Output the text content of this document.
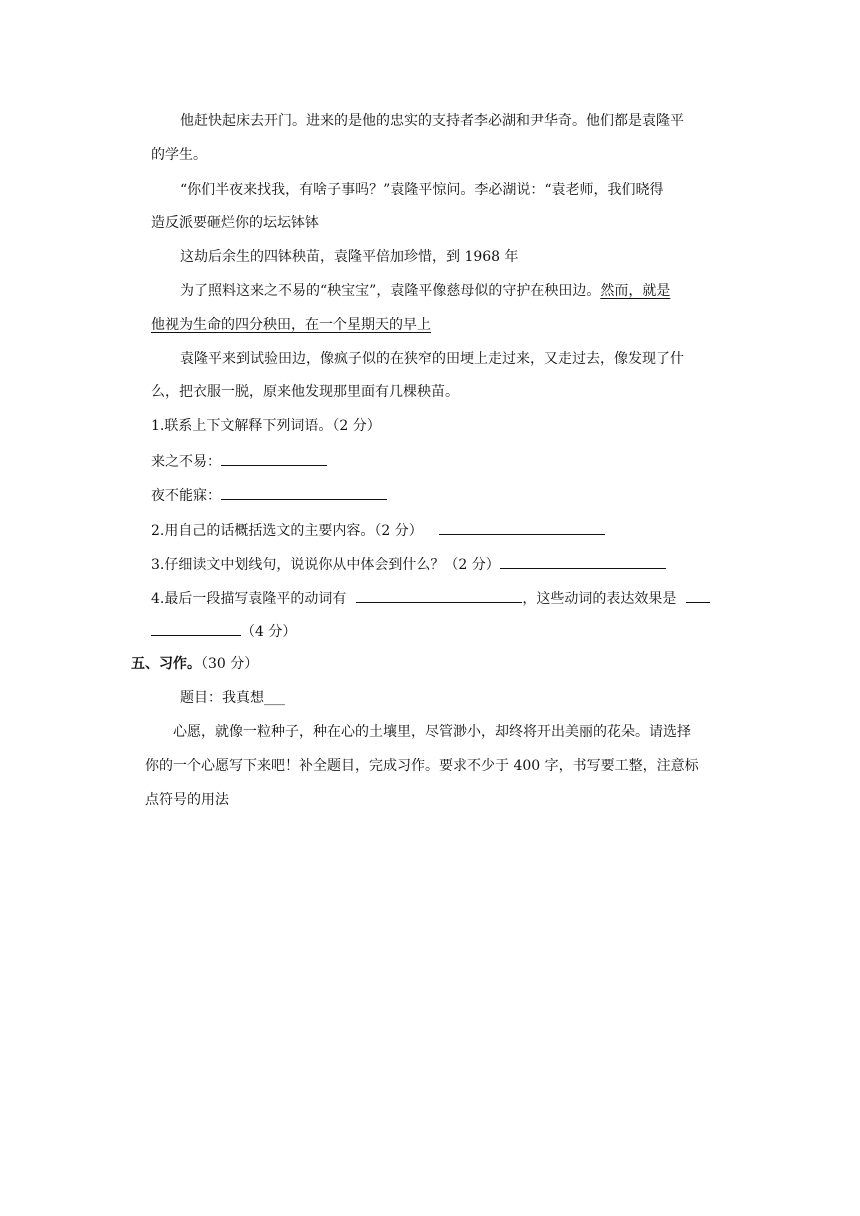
他赶快起床去开门。进来的是他的忠实的支持者李必湖和尹华奇。他们都是袁隆平
的学生。
“你们半夜来找我，有啥子事吗？”袁隆平惊问。李必湖说：“袁老师，我们晓得
造反派要砸烂你的坛坛钵钵
这劫后余生的四钵秧苗，袁隆平倍加珍惜，到 1968 年
为了照料这来之不易的“秧宝宝”，袁隆平像慈母似的守护在秧田边。然而，就是
他视为生命的四分秧田，在一个星期天的早上
袁隆平来到试验田边，像疯子似的在狭窄的田埂上走过来，又走过去，像发现了什
么，把衣服一脱，原来他发现那里面有几棵秧苗。
1.联系上下文解释下列词语。（2 分）
来之不易：
夜不能寐：
2.用自己的话概括选文的主要内容。（2 分）
3.仔细读文中划线句，说说你从中体会到什么？（2 分）
4.最后一段描写袁隆平的动词有	，这些动词的表达效果是
（4 分）
五、习作。（30 分）
题目：我真想___
心愿，就像一粒种子，种在心的土壤里，尽管渺小，却终将开出美丽的花朵。请选择
你的一个心愿写下来吧！补全题目，完成习作。要求不少于 400 字，书写要工整，注意标
点符号的用法
